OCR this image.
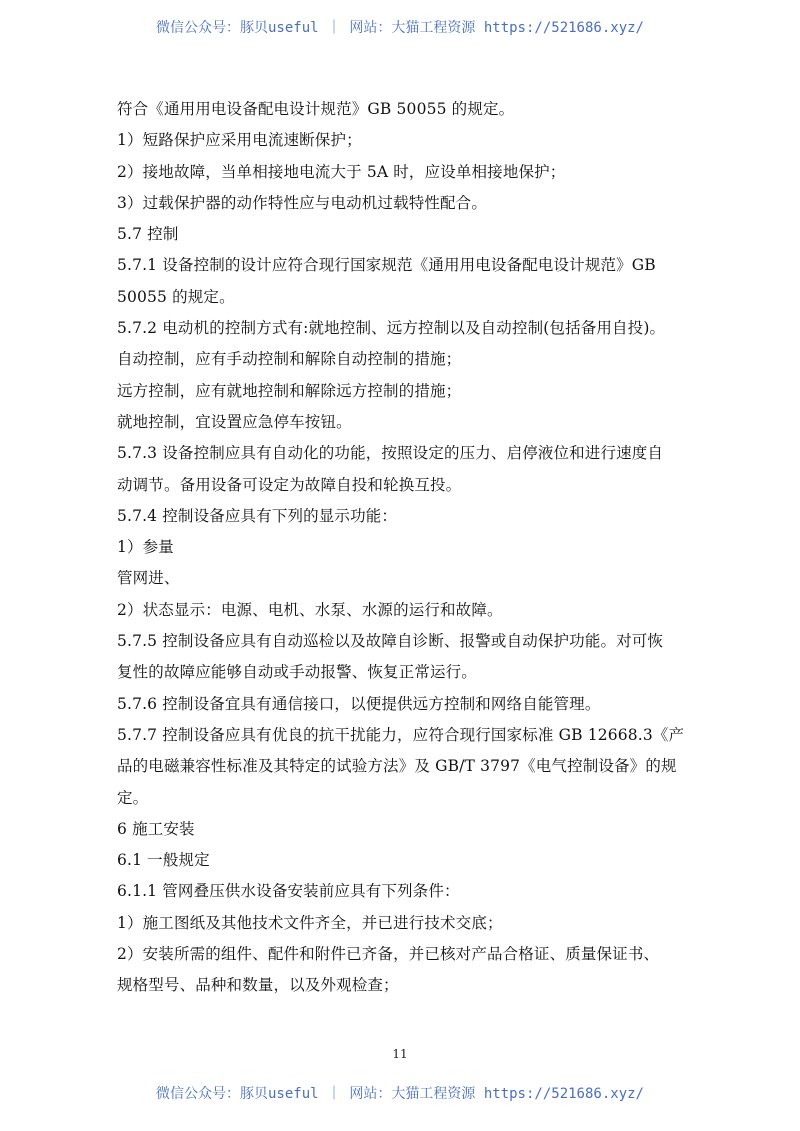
微信公众号：豚贝useful ｜ 网站：大猫工程资源 https://521686.xyz/
符合《通用用电设备配电设计规范》GB 50055 的规定。
1）短路保护应采用电流速断保护；
2）接地故障，当单相接地电流大于 5A 时，应设单相接地保护；
3）过载保护器的动作特性应与电动机过载特性配合。
5.7 控制
5.7.1 设备控制的设计应符合现行国家规范《通用用电设备配电设计规范》GB
50055 的规定。
5.7.2 电动机的控制方式有:就地控制、远方控制以及自动控制(包括备用自投)。
自动控制，应有手动控制和解除自动控制的措施；
远方控制，应有就地控制和解除远方控制的措施；
就地控制，宜设置应急停车按钮。
5.7.3 设备控制应具有自动化的功能，按照设定的压力、启停液位和进行速度自
动调节。备用设备可设定为故障自投和轮换互投。
5.7.4 控制设备应具有下列的显示功能：
1）参量
管网进、
2）状态显示：电源、电机、水泵、水源的运行和故障。
5.7.5 控制设备应具有自动巡检以及故障自诊断、报警或自动保护功能。对可恢
复性的故障应能够自动或手动报警、恢复正常运行。
5.7.6 控制设备宜具有通信接口，以便提供远方控制和网络自能管理。
5.7.7 控制设备应具有优良的抗干扰能力，应符合现行国家标准 GB 12668.3《产
品的电磁兼容性标准及其特定的试验方法》及 GB/T 3797《电气控制设备》的规
定。
6 施工安装
6.1 一般规定
6.1.1 管网叠压供水设备安装前应具有下列条件：
1）施工图纸及其他技术文件齐全，并已进行技术交底；
2）安装所需的组件、配件和附件已齐备，并已核对产品合格证、质量保证书、
规格型号、品种和数量，以及外观检查；
11
微信公众号：豚贝useful ｜ 网站：大猫工程资源 https://521686.xyz/
